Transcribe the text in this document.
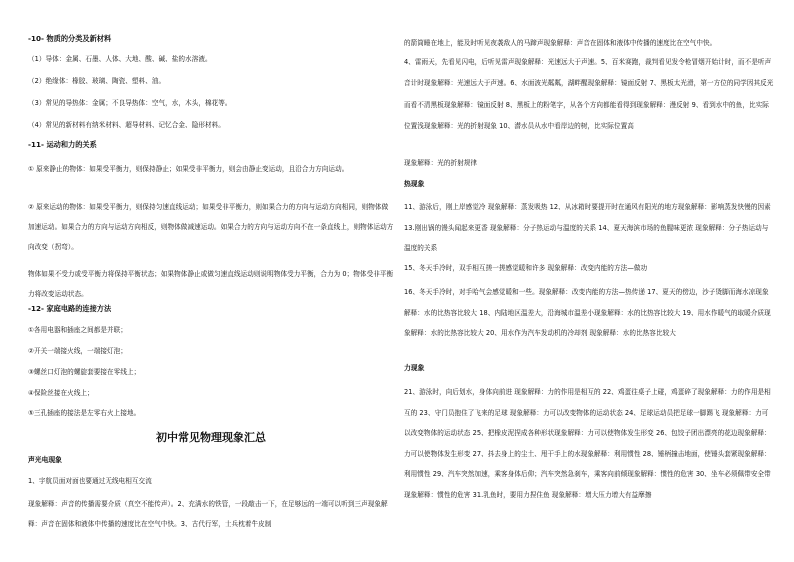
-10- 物质的分类及新材料

（1）导体：金属、石墨、人体、大地、酸、碱、盐的水溶液。

（2）绝缘体：橡胶、玻璃、陶瓷、塑料、油。

（3）常见的导热体：金属；不良导热体：空气，水，木头，棉花等。

（4）常见的新材料有纳米材料、超导材料、记忆合金、隐形材料。

-11- 运动和力的关系

① 原来静止的物体：如果受平衡力，则保持静止；如果受非平衡力，则会由静止变运动，且沿合力方向运动。

② 原来运动的物体：如果受平衡力，则保持匀速直线运动；如果受非平衡力，则如果合力的方向与运动方向相同，则物体做加速运动。如果合力的方向与运动方向相反，则物体做减速运动。如果合力的方向与运动方向不在一条直线上，则物体运动方向改变（拐弯）。

物体如果不受力或受平衡力将保持平衡状态；如果物体静止或做匀速直线运动则说明物体受力平衡，合力为 0；物体受非平衡力将改变运动状态。

-12- 家庭电路的连接方法

①各用电器和插座之间都是并联；

②开关一端接火线，一端接灯泡；

③螺丝口灯泡的螺旋套要接在零线上；

④保险丝接在火线上；

⑤三孔插座的接法是左零右火上接地。

初中常见物理现象汇总

声光电现象

1、宇航员面对面也要通过无线电相互交流

现象解释：声音的传播需要介质（真空不能传声）。2、充满水的铁管，一段敲击一下，在足够远的一端可以听到三声现象解释：声音在固体和液体中传播的速度比在空气中快。3、古代行军，士兵枕着牛皮制

的箭筒睡在地上，能及时听见夜袭敌人的马蹄声现象解释：声音在固体和液体中传播的速度比在空气中快。

4、雷雨天，先看见闪电，后听见雷声现象解释：光速远大于声速。5、百米赛跑，裁判看见发令枪冒烟开始计时，而不是听声音计时现象解释：光速远大于声速。6、水面波光粼粼，湖畔醒现象解释：镜面反射 7、黑板太光滑，第一方位的同学因其反光而看不清黑板现象解释：镜面反射 8、黑板上的粉笔字，从各个方向都能看得到现象解释：漫反射 9、看到水中的鱼，比实际位置浅现象解释：光的折射现象 10、潜水员从水中看岸边的树，比实际位置高

现象解释：光的折射规律

热现象

11、游泳后，刚上岸感觉冷 现象解释：蒸发吸热 12、从冰箱时要提开时在通风有阳光的地方现象解释：影响蒸发快慢的因素 13.刚出锅的馒头闻起来更香 现象解释：分子热运动与温度的关系 14、夏天海滨市场的鱼腥味更浓 现象解释：分子热运动与温度的关系

15、冬天手冷时，双手相互搓一搓感觉暖和许多 现象解释：改变内能的方法—做功

16、冬天手冷时，对手哈气会感觉暖和一些。现象解释：改变内能的方法—热传递 17、夏天的傍边，沙子烫脚而海水凉现象解释：水的比热容比较大 18、内陆地区温差大，沿海城市温差小现象解释：水的比热容比较大 19、用水作暖气的取暖介质现象解释：水的比热容比较大 20、用水作为汽车发动机的冷却剂 现象解释：水的比热容比较大

力现象

21、游泳时，向后划水，身体向前进 现象解释：力的作用是相互的 22、鸡蛋往桌子上碰，鸡蛋碎了现象解释：力的作用是相互的 23、守门员抱住了飞来的足球 现象解释：力可以改变物体的运动状态 24、足球运动员把足球一脚踢飞 现象解释：力可以改变物体的运动状态 25、把橡皮泥捏成各种形状现象解释：力可以使物体发生形变 26、包饺子团出漂亮的花边现象解释：力可以使物体发生形变 27、抖去身上的尘土、甩干手上的水现象解释：利用惯性 28、锤柄撞击地面，使锤头套紧现象解释：利用惯性 29、汽车突然加速，乘客身体后仰；汽车突然急刹车，乘客向前倾现象解释：惯性的危害 30、坐车必须佩带安全带现象解释：惯性的危害 31.乳鱼时，要用力捏住鱼 现象解释：增大压力增大有益摩擦
